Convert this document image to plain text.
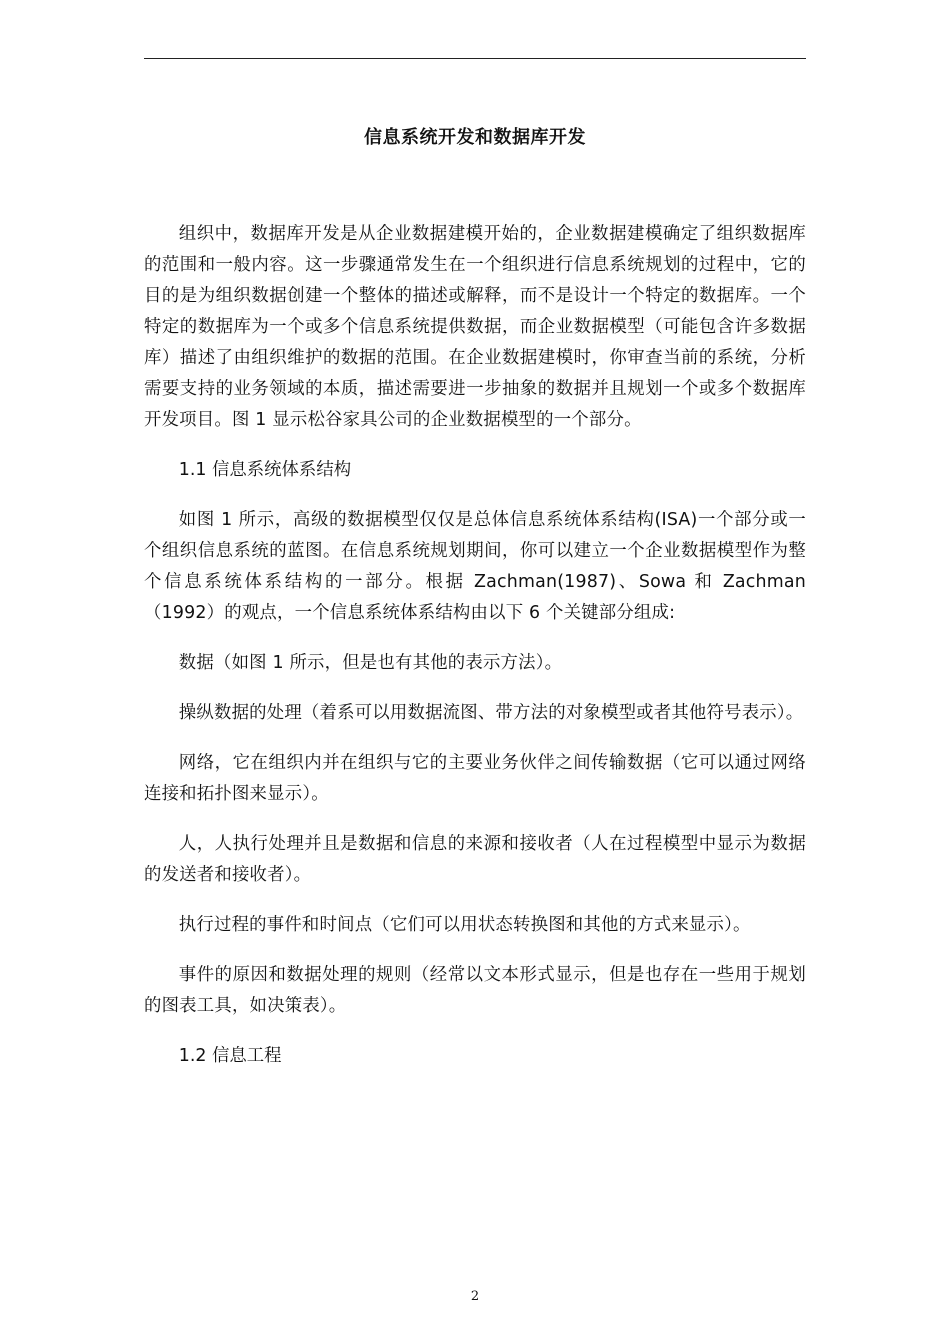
信息系统开发和数据库开发

组织中，数据库开发是从企业数据建模开始的，企业数据建模确定了组织数据库的范围和一般内容。这一步骤通常发生在一个组织进行信息系统规划的过程中，它的目的是为组织数据创建一个整体的描述或解释，而不是设计一个特定的数据库。一个特定的数据库为一个或多个信息系统提供数据，而企业数据模型（可能包含许多数据库）描述了由组织维护的数据的范围。在企业数据建模时，你审查当前的系统，分析需要支持的业务领域的本质，描述需要进一步抽象的数据并且规划一个或多个数据库开发项目。图 1 显示松谷家具公司的企业数据模型的一个部分。

1.1 信息系统体系结构

如图 1 所示，高级的数据模型仅仅是总体信息系统体系结构(ISA)一个部分或一个组织信息系统的蓝图。在信息系统规划期间，你可以建立一个企业数据模型作为整个信息系统体系结构的一部分。根据 Zachman(1987)、Sowa 和 Zachman（1992）的观点，一个信息系统体系结构由以下 6 个关键部分组成:

数据（如图 1 所示，但是也有其他的表示方法）。

操纵数据的处理（着系可以用数据流图、带方法的对象模型或者其他符号表示）。

网络，它在组织内并在组织与它的主要业务伙伴之间传输数据（它可以通过网络连接和拓扑图来显示）。

人，人执行处理并且是数据和信息的来源和接收者（人在过程模型中显示为数据的发送者和接收者）。

执行过程的事件和时间点（它们可以用状态转换图和其他的方式来显示）。

事件的原因和数据处理的规则（经常以文本形式显示，但是也存在一些用于规划的图表工具，如决策表）。

1.2 信息工程

2
